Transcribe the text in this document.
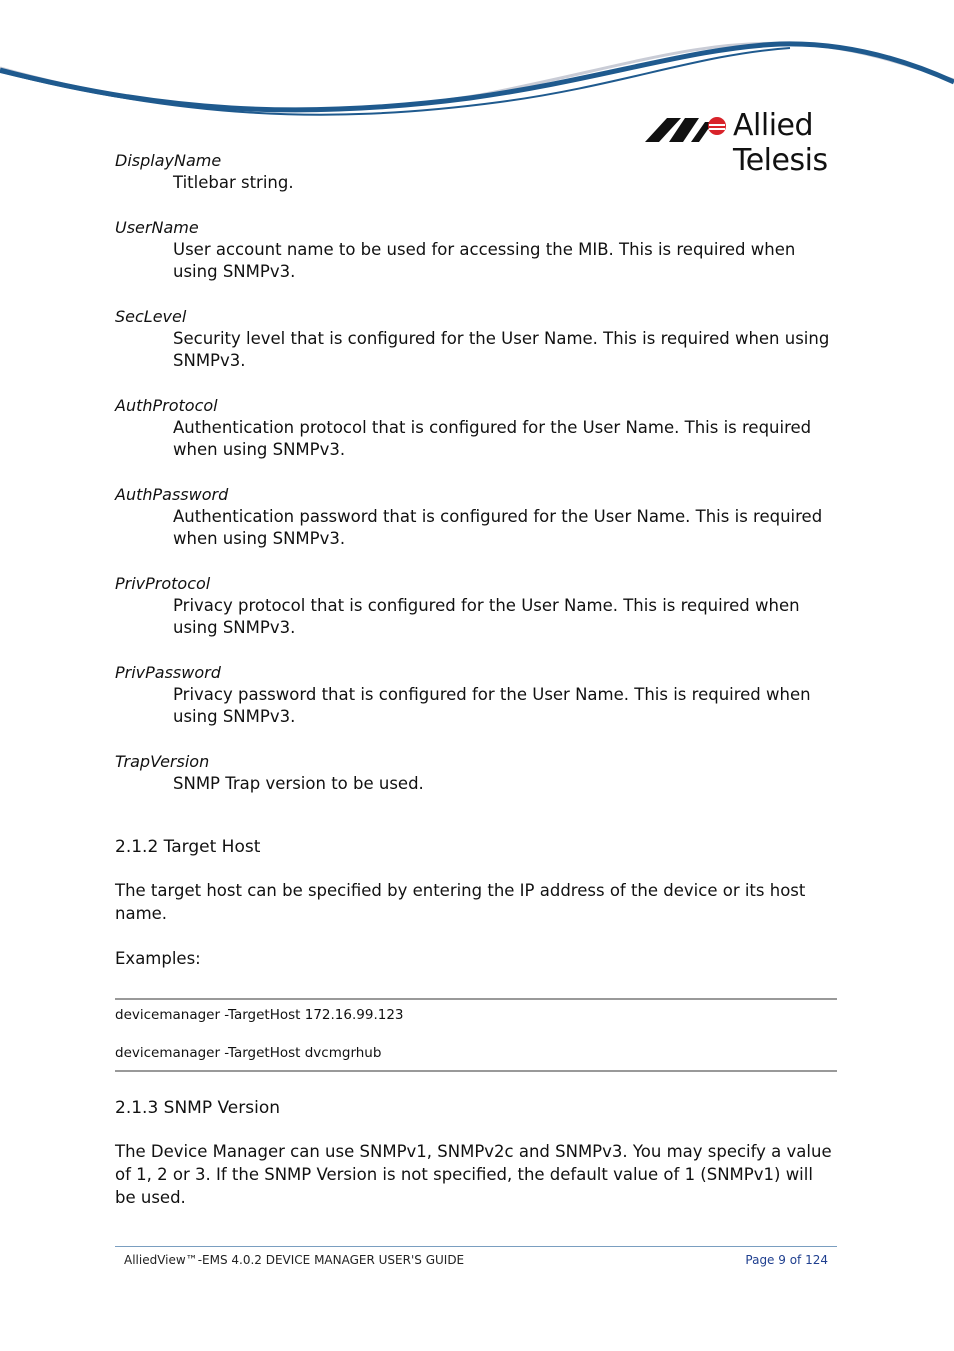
Allied Telesis

DisplayName

Titlebar string.

UserName

User account name to be used for accessing the MIB. This is required when using SNMPv3.

SecLevel

Security level that is configured for the User Name. This is required when using SNMPv3.

AuthProtocol

Authentication protocol that is configured for the User Name. This is required when using SNMPv3.

AuthPassword

Authentication password that is configured for the User Name. This is required when using SNMPv3.

PrivProtocol

Privacy protocol that is configured for the User Name. This is required when using SNMPv3.

PrivPassword

Privacy password that is configured for the User Name. This is required when using SNMPv3.

TrapVersion

SNMP Trap version to be used.

2.1.2 Target Host

The target host can be specified by entering the IP address of the device or its host name.

Examples:

devicemanager -TargetHost 172.16.99.123

devicemanager -TargetHost dvcmgrhub

2.1.3 SNMP Version

The Device Manager can use SNMPv1, SNMPv2c and SNMPv3. You may specify a value of 1, 2 or 3. If the SNMP Version is not specified, the default value of 1 (SNMPv1) will be used.

AlliedView™-EMS 4.0.2 DEVICE MANAGER USER'S GUIDE	Page 9 of 124
